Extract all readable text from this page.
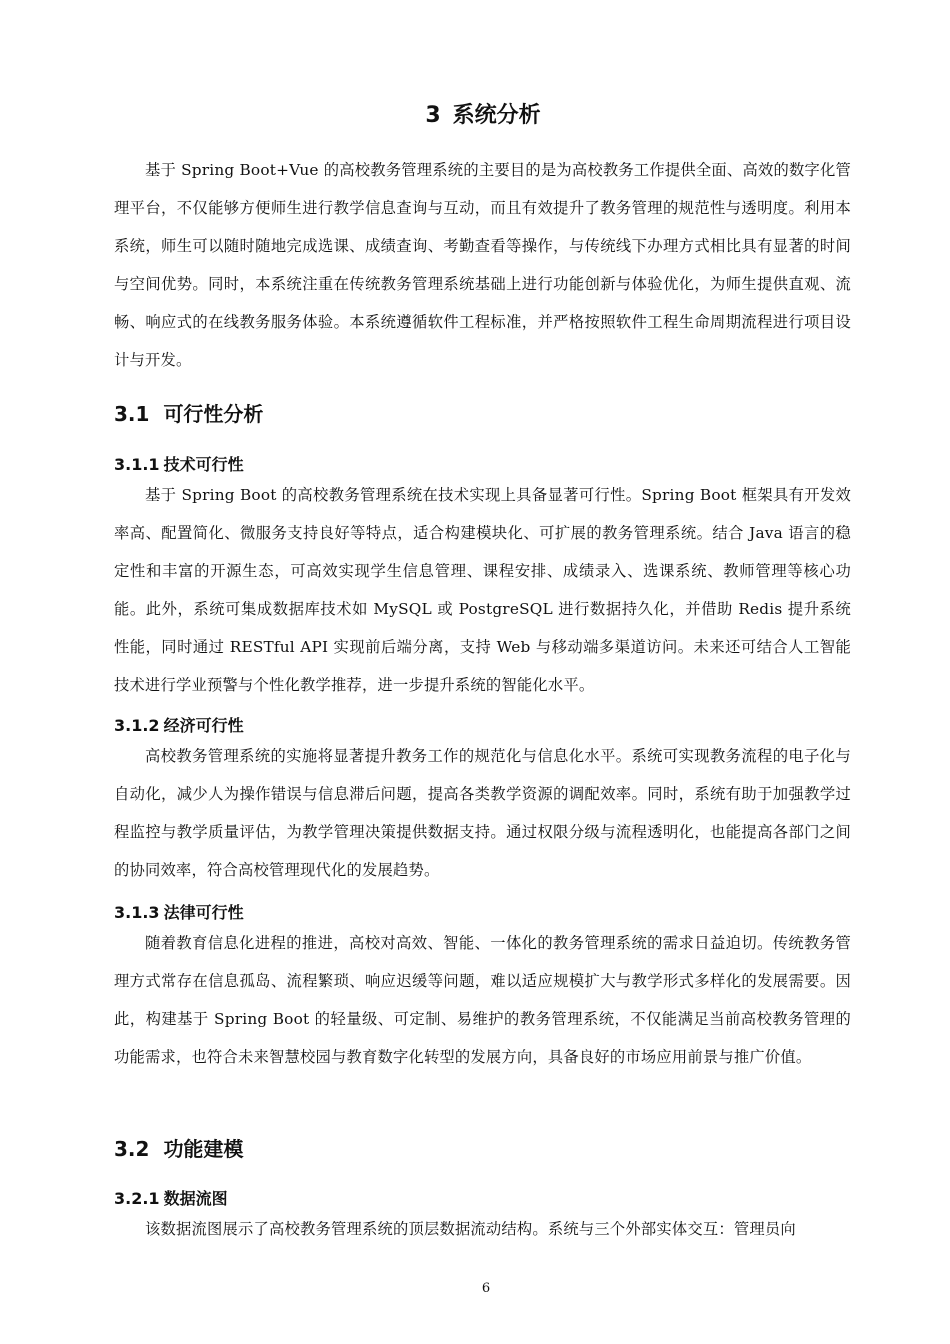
3 系统分析

基于 Spring Boot+Vue 的高校教务管理系统的主要目的是为高校教务工作提供全面、高效的数字化管理平台，不仅能够方便师生进行教学信息查询与互动，而且有效提升了教务管理的规范性与透明度。利用本系统，师生可以随时随地完成选课、成绩查询、考勤查看等操作，与传统线下办理方式相比具有显著的时间与空间优势。同时，本系统注重在传统教务管理系统基础上进行功能创新与体验优化，为师生提供直观、流畅、响应式的在线教务服务体验。本系统遵循软件工程标准，并严格按照软件工程生命周期流程进行项目设计与开发。

3.1 可行性分析
3.1.1 技术可行性

基于 Spring Boot 的高校教务管理系统在技术实现上具备显著可行性。Spring Boot 框架具有开发效率高、配置简化、微服务支持良好等特点，适合构建模块化、可扩展的教务管理系统。结合 Java 语言的稳定性和丰富的开源生态，可高效实现学生信息管理、课程安排、成绩录入、选课系统、教师管理等核心功能。此外，系统可集成数据库技术如 MySQL 或 PostgreSQL 进行数据持久化，并借助 Redis 提升系统性能，同时通过 RESTful API 实现前后端分离，支持 Web 与移动端多渠道访问。未来还可结合人工智能技术进行学业预警与个性化教学推荐，进一步提升系统的智能化水平。

3.1.2 经济可行性

高校教务管理系统的实施将显著提升教务工作的规范化与信息化水平。系统可实现教务流程的电子化与自动化，减少人为操作错误与信息滞后问题，提高各类教学资源的调配效率。同时，系统有助于加强教学过程监控与教学质量评估，为教学管理决策提供数据支持。通过权限分级与流程透明化，也能提高各部门之间的协同效率，符合高校管理现代化的发展趋势。

3.1.3 法律可行性

随着教育信息化进程的推进，高校对高效、智能、一体化的教务管理系统的需求日益迫切。传统教务管理方式常存在信息孤岛、流程繁琐、响应迟缓等问题，难以适应规模扩大与教学形式多样化的发展需要。因此，构建基于 Spring Boot 的轻量级、可定制、易维护的教务管理系统，不仅能满足当前高校教务管理的功能需求，也符合未来智慧校园与教育数字化转型的发展方向，具备良好的市场应用前景与推广价值。

3.2 功能建模
3.2.1 数据流图

该数据流图展示了高校教务管理系统的顶层数据流动结构。系统与三个外部实体交互：管理员向

6
